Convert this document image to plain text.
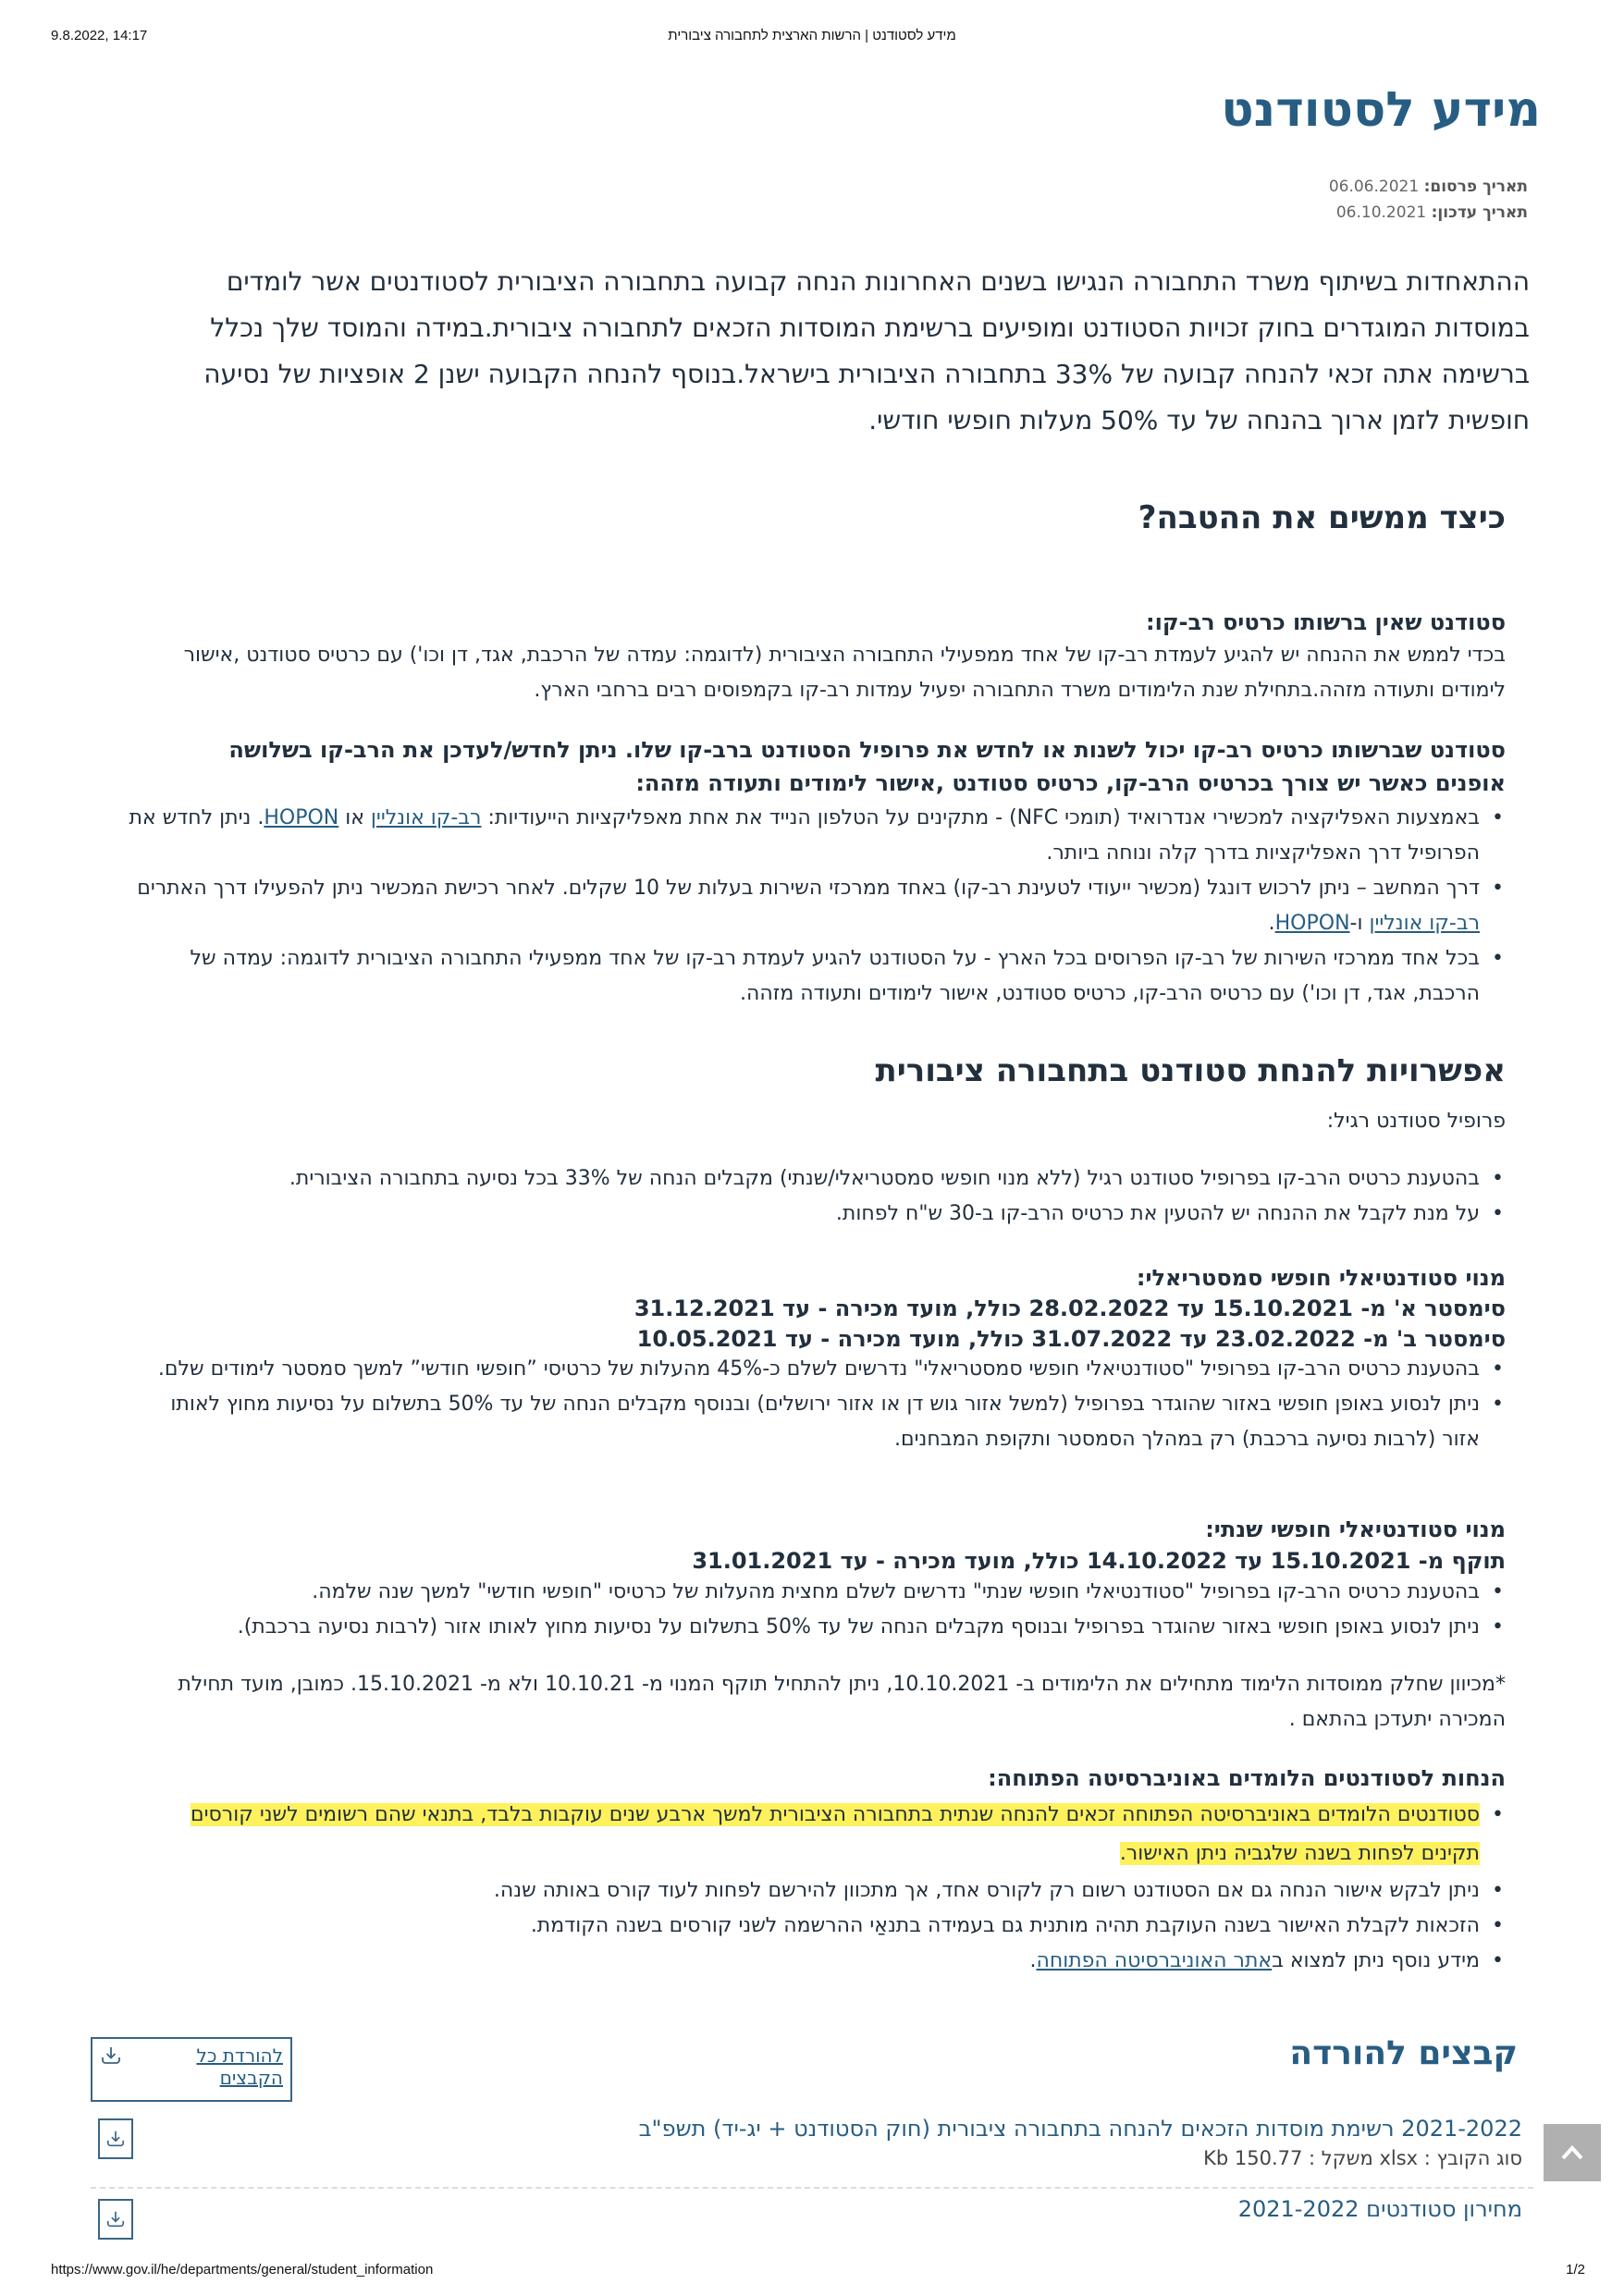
9.8.2022, 14:17	מידע לסטודנט | הרשות הארצית לתחבורה ציבורית
מידע לסטודנט
תאריך פרסום: 06.06.2021
תאריך עדכון: 06.10.2021

ההתאחדות בשיתוף משרד התחבורה הנגישו בשנים האחרונות הנחה קבועה בתחבורה הציבורית לסטודנטים אשר לומדים במוסדות המוגדרים בחוק זכויות הסטודנט ומופיעים ברשימת המוסדות הזכאים לתחבורה ציבורית.במידה והמוסד שלך נכלל ברשימה אתה זכאי להנחה קבועה של 33% בתחבורה הציבורית בישראל.בנוסף להנחה הקבועה ישנן 2 אופציות של נסיעה חופשית לזמן ארוך בהנחה של עד 50% מעלות חופשי חודשי.

כיצד ממשים את ההטבה?
סטודנט שאין ברשותו כרטיס רב-קו:

בכדי לממש את ההנחה יש להגיע לעמדת רב-קו של אחד ממפעילי התחבורה הציבורית (לדוגמה: עמדה של הרכבת, אגד, דן וכו') עם כרטיס סטודנט ,אישור לימודים ותעודה מזהה.בתחילת שנת הלימודים משרד התחבורה יפעיל עמדות רב-קו בקמפוסים רבים ברחבי הארץ.

סטודנט שברשותו כרטיס רב-קו יכול לשנות או לחדש את פרופיל הסטודנט ברב-קו שלו. ניתן לחדש/לעדכן את הרב-קו בשלושה אופנים כאשר יש צורך בכרטיס הרב-קו, כרטיס סטודנט ,אישור לימודים ותעודה מזהה:
• באמצעות האפליקציה למכשירי אנדרואיד (תומכי NFC) - מתקינים על הטלפון הנייד את אחת מאפליקציות הייעודיות: רב-קו אונליין או HOPON. ניתן לחדש את הפרופיל דרך האפליקציות בדרך קלה ונוחה ביותר.
• דרך המחשב – ניתן לרכוש דונגל (מכשיר ייעודי לטעינת רב-קו) באחד ממרכזי השירות בעלות של 10 שקלים. לאחר רכישת המכשיר ניתן להפעילו דרך האתרים רב-קו אונליין ו-HOPON.
• בכל אחד ממרכזי השירות של רב-קו הפרוסים בכל הארץ - על הסטודנט להגיע לעמדת רב-קו של אחד ממפעילי התחבורה הציבורית לדוגמה: עמדה של הרכבת, אגד, דן וכו') עם כרטיס הרב-קו, כרטיס סטודנט, אישור לימודים ותעודה מזהה.
אפשרויות להנחת סטודנט בתחבורה ציבורית

פרופיל סטודנט רגיל:

• בהטענת כרטיס הרב-קו בפרופיל סטודנט רגיל (ללא מנוי חופשי סמסטריאלי/שנתי) מקבלים הנחה של 33% בכל נסיעה בתחבורה הציבורית.
• על מנת לקבל את ההנחה יש להטעין את כרטיס הרב-קו ב-30 ש"ח לפחות.
מנוי סטודנטיאלי חופשי סמסטריאלי:
סימסטר א' מ- 15.10.2021 עד 28.02.2022 כולל, מועד מכירה - עד 31.12.2021
סימסטר ב' מ- 23.02.2022 עד 31.07.2022 כולל, מועד מכירה - עד 10.05.2021
• בהטענת כרטיס הרב-קו בפרופיל "סטודנטיאלי חופשי סמסטריאלי" נדרשים לשלם כ-45% מהעלות של כרטיסי ”חופשי חודשי” למשך סמסטר לימודים שלם.
• ניתן לנסוע באופן חופשי באזור שהוגדר בפרופיל (למשל אזור גוש דן או אזור ירושלים) ובנוסף מקבלים הנחה של עד 50% בתשלום על נסיעות מחוץ לאותו אזור (לרבות נסיעה ברכבת) רק במהלך הסמסטר ותקופת המבחנים.
מנוי סטודנטיאלי חופשי שנתי:
תוקף מ- 15.10.2021 עד 14.10.2022 כולל, מועד מכירה - עד 31.01.2021
• בהטענת כרטיס הרב-קו בפרופיל "סטודנטיאלי חופשי שנתי" נדרשים לשלם מחצית מהעלות של כרטיסי "חופשי חודשי" למשך שנה שלמה.
• ניתן לנסוע באופן חופשי באזור שהוגדר בפרופיל ובנוסף מקבלים הנחה של עד 50% בתשלום על נסיעות מחוץ לאותו אזור (לרבות נסיעה ברכבת).

*מכיוון שחלק ממוסדות הלימוד מתחילים את הלימודים ב- 10.10.2021, ניתן להתחיל תוקף המנוי מ- 10.10.21 ולא מ- 15.10.2021. כמובן, מועד תחילת המכירה יתעדכן בהתאם .

הנחות לסטודנטים הלומדים באוניברסיטה הפתוחה:
• סטודנטים הלומדים באוניברסיטה הפתוחה זכאים להנחה שנתית בתחבורה הציבורית למשך ארבע שנים עוקבות בלבד, בתנאי שהם רשומים לשני קורסים תקינים לפחות בשנה שלגביה ניתן האישור.
• ניתן לבקש אישור הנחה גם אם הסטודנט רשום רק לקורס אחד, אך מתכוון להירשם לפחות לעוד קורס באותה שנה.
• הזכאות לקבלת האישור בשנה העוקבת תהיה מותנית גם בעמידה בתנאַי ההרשמה לשני קורסים בשנה הקודמת.
• מידע נוסף ניתן למצוא באתר האוניברסיטה הפתוחה.
קבצים להורדה
להורדת כל הקבצים
2021-2022 רשימת מוסדות הזכאים להנחה בתחבורה ציבורית (חוק הסטודנט + יג-יד) תשפ"ב
סוג הקובץ : xlsx משקל : 150.77 Kb
מחירון סטודנטים 2021-2022
https://www.gov.il/he/departments/general/student_information	1/2
